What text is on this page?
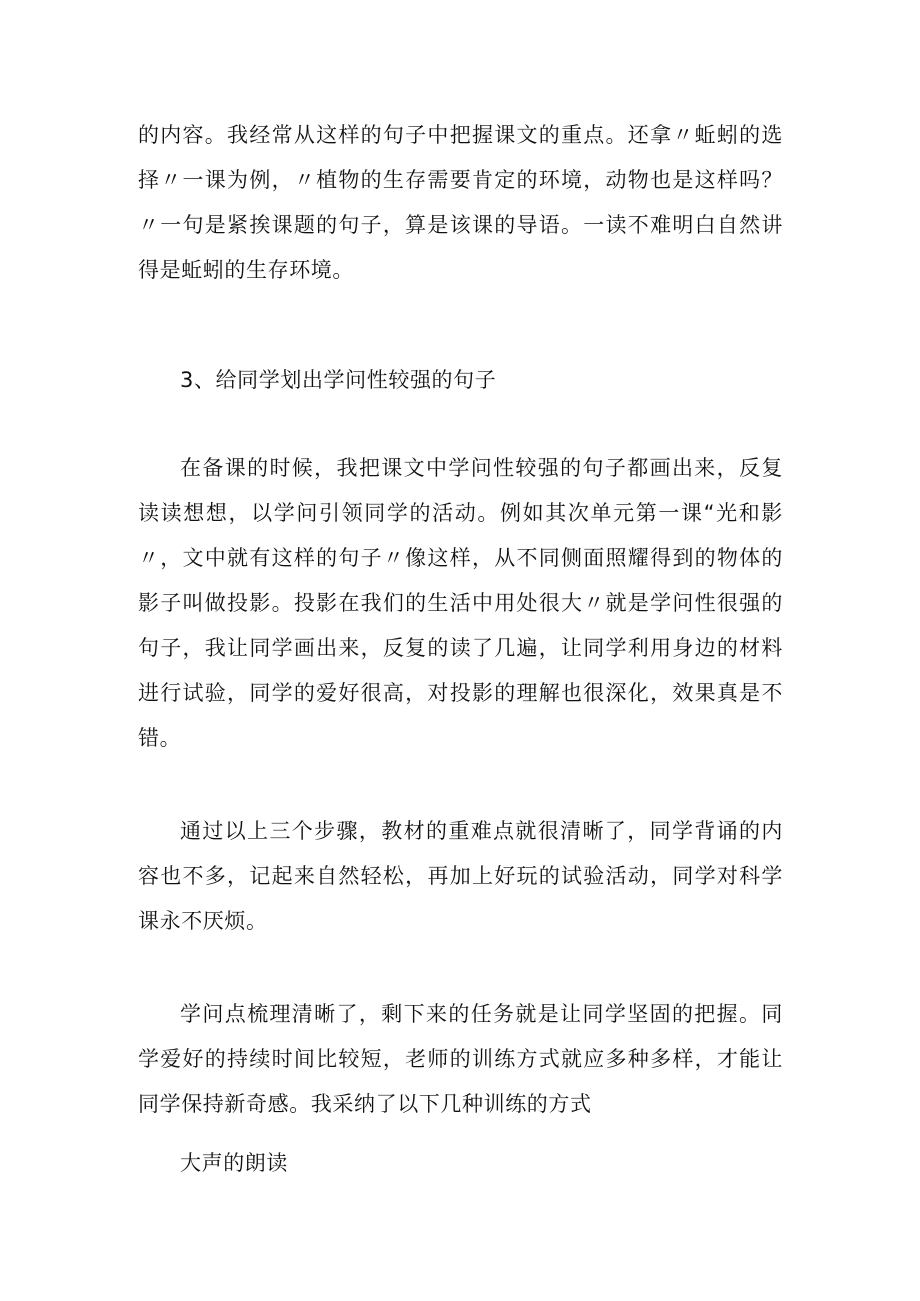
的内容。我经常从这样的句子中把握课文的重点。还拿〃蚯蚓的选择〃一课为例，〃植物的生存需要肯定的环境，动物也是这样吗？〃一句是紧挨课题的句子，算是该课的导语。一读不难明白自然讲得是蚯蚓的生存环境。

3、给同学划出学问性较强的句子

在备课的时候，我把课文中学问性较强的句子都画出来，反复读读想想，以学问引领同学的活动。例如其次单元第一课“光和影〃，文中就有这样的句子〃像这样，从不同侧面照耀得到的物体的影子叫做投影。投影在我们的生活中用处很大〃就是学问性很强的句子，我让同学画出来，反复的读了几遍，让同学利用身边的材料进行试验，同学的爱好很高，对投影的理解也很深化，效果真是不错。

通过以上三个步骤，教材的重难点就很清晰了，同学背诵的内容也不多，记起来自然轻松，再加上好玩的试验活动，同学对科学课永不厌烦。

学问点梳理清晰了，剩下来的任务就是让同学坚固的把握。同学爱好的持续时间比较短，老师的训练方式就应多种多样，才能让同学保持新奇感。我采纳了以下几种训练的方式

大声的朗读
